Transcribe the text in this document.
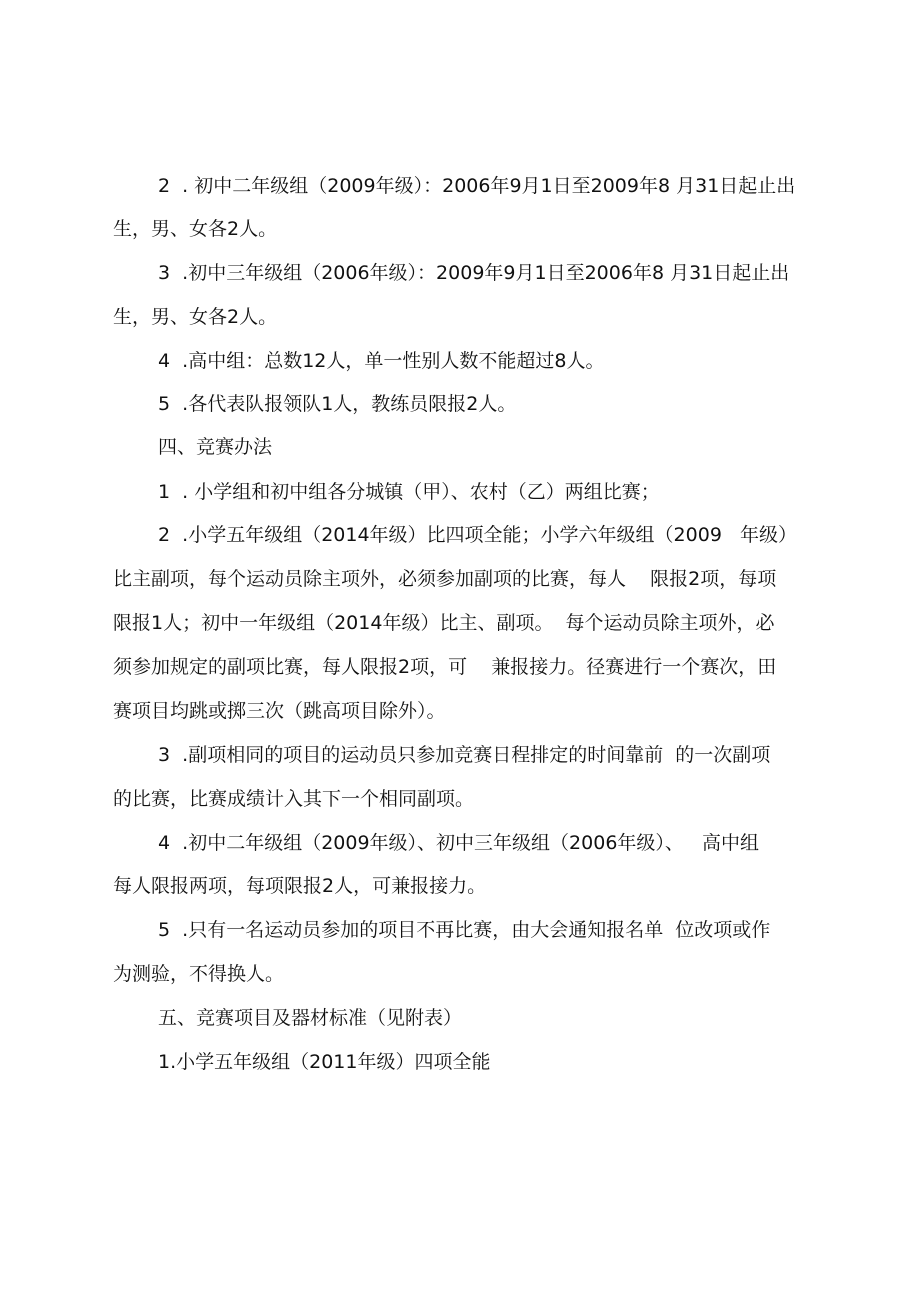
2  . 初中二年级组（2009年级）：2006年9月1日至2009年8 月31日起止出

生，男、女各2人。

3  .初中三年级组（2006年级）：2009年9月1日至2006年8 月31日起止出

生，男、女各2人。

4  .高中组：总数12人，单一性别人数不能超过8人。

5  .各代表队报领队1人，教练员限报2人。

四、竞赛办法

1  . 小学组和初中组各分城镇（甲）、农村（乙）两组比赛；

2  .小学五年级组（2014年级）比四项全能；小学六年级组（2009   年级）

比主副项，每个运动员除主项外，必须参加副项的比赛，每人    限报2项，每项

限报1人；初中一年级组（2014年级）比主、副项。  每个运动员除主项外，必

须参加规定的副项比赛，每人限报2项，可    兼报接力。径赛进行一个赛次，田

赛项目均跳或掷三次（跳高项目除外）。

3  .副项相同的项目的运动员只参加竞赛日程排定的时间靠前  的一次副项

的比赛，比赛成绩计入其下一个相同副项。

4  .初中二年级组（2009年级）、初中三年级组（2006年级）、   高中组

每人限报两项，每项限报2人，可兼报接力。

5  .只有一名运动员参加的项目不再比赛，由大会通知报名单  位改项或作

为测验，不得换人。

五、竞赛项目及器材标准（见附表）

1.小学五年级组（2011年级）四项全能
